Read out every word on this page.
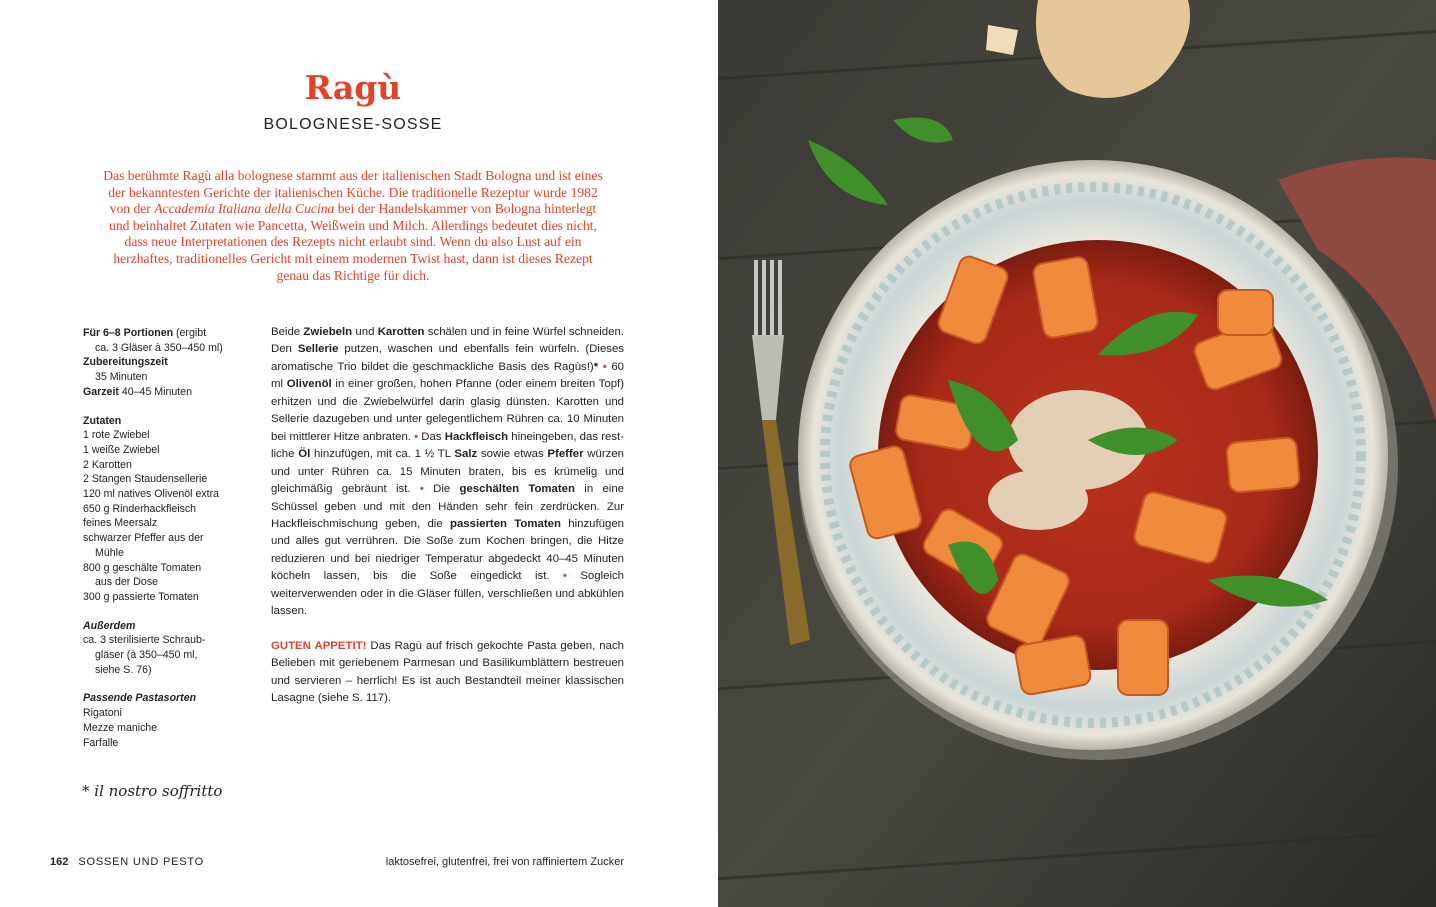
Ragù
BOLOGNESE-SOSSE

Das berühmte Ragù alla bolognese stammt aus der italienischen Stadt Bologna und ist eines der bekanntesten Gerichte der italienischen Küche. Die traditionelle Rezeptur wurde 1982 von der Accademia Italiana della Cucina bei der Handelskammer von Bologna hinterlegt und beinhaltet Zutaten wie Pancetta, Weißwein und Milch. Allerdings bedeutet dies nicht, dass neue Interpretationen des Rezepts nicht erlaubt sind. Wenn du also Lust auf ein herzhaftes, traditionelles Gericht mit einem modernen Twist hast, dann ist dieses Rezept genau das Richtige für dich.

Für 6–8 Portionen (ergibt
ca. 3 Gläser à 350–450 ml)
Zubereitungszeit
35 Minuten
Garzeit 40–45 Minuten
Zutaten
1 rote Zwiebel
1 weiße Zwiebel
2 Karotten
2 Stangen Staudensellerie
120 ml natives Olivenöl extra
650 g Rinderhackfleisch
feines Meersalz
schwarzer Pfeffer aus der
Mühle
800 g geschälte Tomaten
aus der Dose
300 g passierte Tomaten
Außerdem
ca. 3 sterilisierte Schraub-
gläser (à 350–450 ml,
siehe S. 76)
Passende Pastasorten
Rigatoni
Mezze maniche
Farfalle

Beide Zwiebeln und Karotten schälen und in feine Würfel schneiden. Den Sellerie putzen, waschen und ebenfalls fein würfeln. (Dieses aromatische Trio bildet die geschmackliche Basis des Ragùs!)* • 60 ml Olivenöl in einer großen, hohen Pfanne (oder einem breiten Topf) erhitzen und die Zwiebelwürfel darin glasig dünsten. Karotten und Sellerie dazugeben und unter gelegentlichem Rühren ca. 10 Minuten bei mittlerer Hitze anbraten. • Das Hackfleisch hineingeben, das restliche Öl hinzufügen, mit ca. 1 ½ TL Salz sowie etwas Pfeffer würzen und unter Rühren ca. 15 Minuten braten, bis es krümelig und gleichmäßig gebräunt ist. • Die geschälten Tomaten in eine Schüssel geben und mit den Händen sehr fein zerdrücken. Zur Hackfleischmischung geben, die passierten Tomaten hinzufügen und alles gut verrühren. Die Soße zum Kochen bringen, die Hitze reduzieren und bei niedriger Temperatur abgedeckt 40–45 Minuten köcheln lassen, bis die Soße eingedickt ist. • Sogleich weiterverwenden oder in die Gläser füllen, verschließen und abkühlen lassen.

GUTEN APPETIT! Das Ragù auf frisch gekochte Pasta geben, nach Belieben mit geriebenem Parmesan und Basilikumblättern bestreuen und servieren – herrlich! Es ist auch Bestandteil meiner klassischen Lasagne (siehe S. 117).

* il nostro soffritto
162 SOSSEN UND PESTO	laktosefrei, glutenfrei, frei von raffiniertem Zucker
